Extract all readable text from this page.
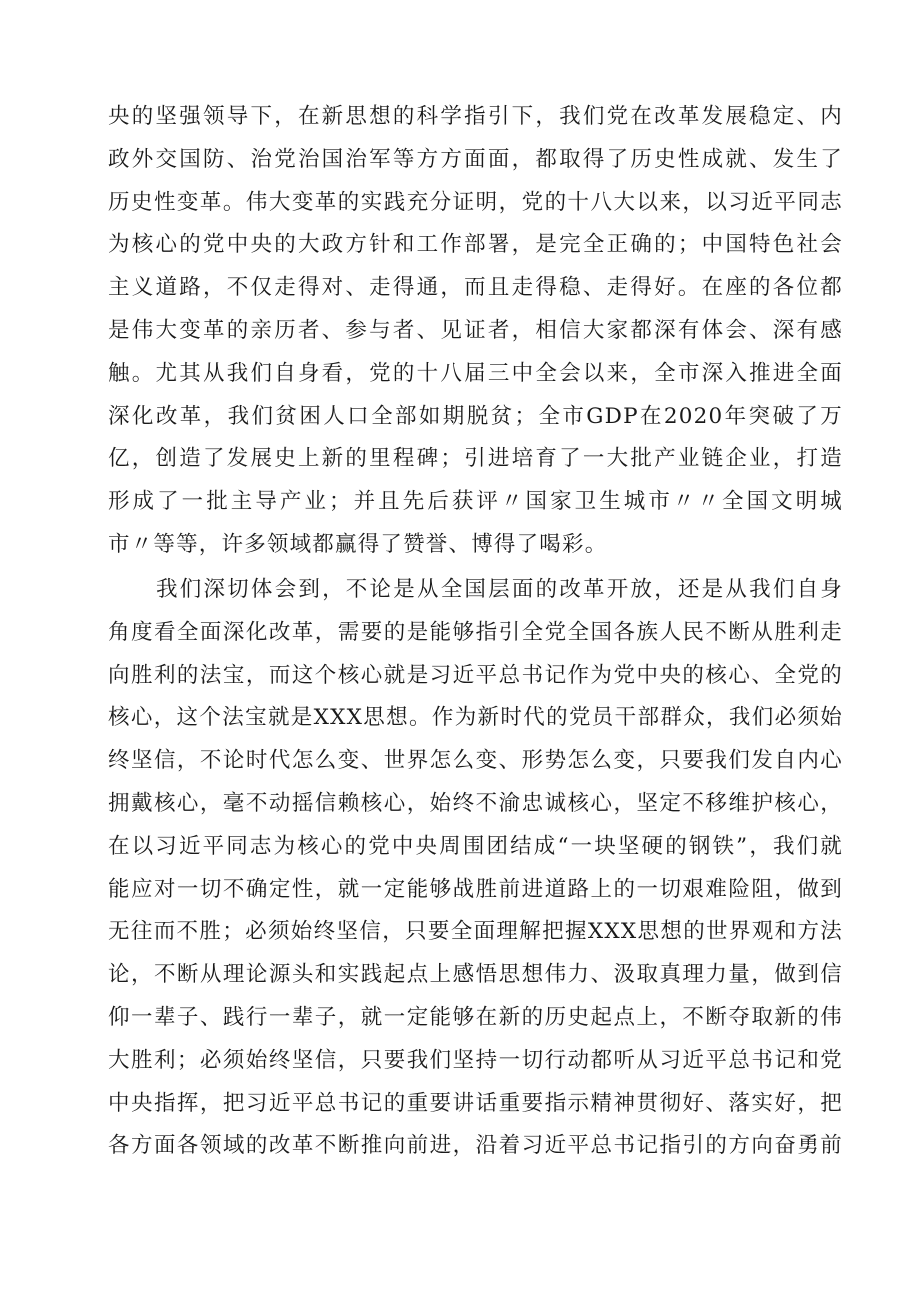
央的坚强领导下，在新思想的科学指引下，我们党在改革发展稳定、内
政外交国防、治党治国治军等方方面面，都取得了历史性成就、发生了
历史性变革。伟大变革的实践充分证明，党的十八大以来，以习近平同志
为核心的党中央的大政方针和工作部署，是完全正确的；中国特色社会
主义道路，不仅走得对、走得通，而且走得稳、走得好。在座的各位都
是伟大变革的亲历者、参与者、见证者，相信大家都深有体会、深有感
触。尤其从我们自身看，党的十八届三中全会以来，全市深入推进全面
深化改革，我们贫困人口全部如期脱贫；全市GDP在2020年突破了万
亿，创造了发展史上新的里程碑；引进培育了一大批产业链企业，打造
形成了一批主导产业；并且先后获评〃国家卫生城市〃〃全国文明城
市〃等等，许多领域都赢得了赞誉、博得了喝彩。
我们深切体会到，不论是从全国层面的改革开放，还是从我们自身
角度看全面深化改革，需要的是能够指引全党全国各族人民不断从胜利走
向胜利的法宝，而这个核心就是习近平总书记作为党中央的核心、全党的
核心，这个法宝就是XXX思想。作为新时代的党员干部群众，我们必须始
终坚信，不论时代怎么变、世界怎么变、形势怎么变，只要我们发自内心
拥戴核心，毫不动摇信赖核心，始终不渝忠诚核心，坚定不移维护核心，
在以习近平同志为核心的党中央周围团结成“一块坚硬的钢铁”，我们就
能应对一切不确定性，就一定能够战胜前进道路上的一切艰难险阻，做到
无往而不胜；必须始终坚信，只要全面理解把握XXX思想的世界观和方法
论，不断从理论源头和实践起点上感悟思想伟力、汲取真理力量，做到信
仰一辈子、践行一辈子，就一定能够在新的历史起点上，不断夺取新的伟
大胜利；必须始终坚信，只要我们坚持一切行动都听从习近平总书记和党
中央指挥，把习近平总书记的重要讲话重要指示精神贯彻好、落实好，把
各方面各领域的改革不断推向前进，沿着习近平总书记指引的方向奋勇前
